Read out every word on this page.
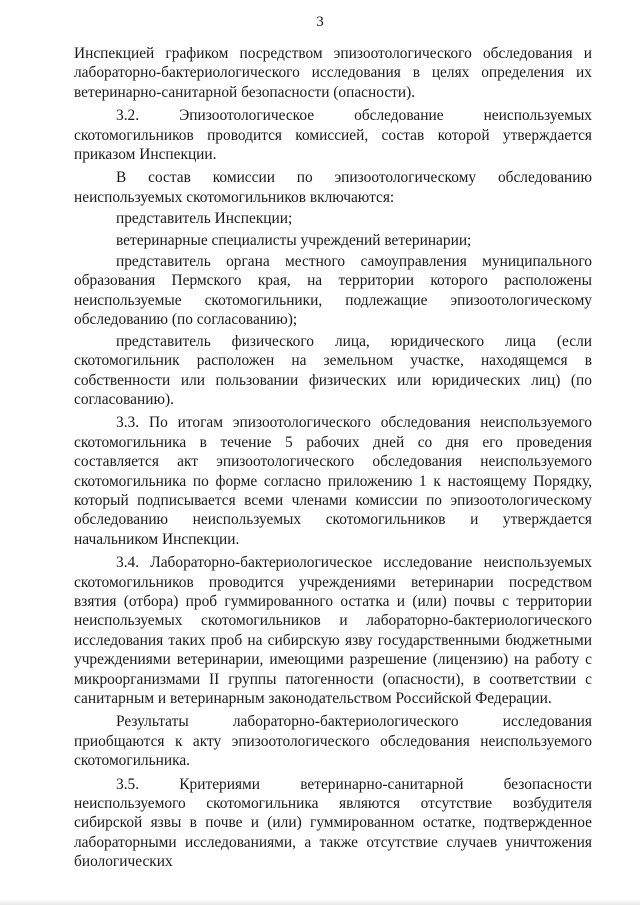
3

Инспекцией графиком посредством эпизоотологического обследования и лабораторно-бактериологического исследования в целях определения их ветеринарно-санитарной безопасности (опасности).

3.2. Эпизоотологическое обследование неиспользуемых скотомогильников проводится комиссией, состав которой утверждается приказом Инспекции.

В состав комиссии по эпизоотологическому обследованию неиспользуемых скотомогильников включаются:

представитель Инспекции;

ветеринарные специалисты учреждений ветеринарии;

представитель органа местного самоуправления муниципального образования Пермского края, на территории которого расположены неиспользуемые скотомогильники, подлежащие эпизоотологическому обследованию (по согласованию);

представитель физического лица, юридического лица (если скотомогильник расположен на земельном участке, находящемся в собственности или пользовании физических или юридических лиц) (по согласованию).

3.3. По итогам эпизоотологического обследования неиспользуемого скотомогильника в течение 5 рабочих дней со дня его проведения составляется акт эпизоотологического обследования неиспользуемого скотомогильника по форме согласно приложению 1 к настоящему Порядку, который подписывается всеми членами комиссии по эпизоотологическому обследованию неиспользуемых скотомогильников и утверждается начальником Инспекции.

3.4. Лабораторно-бактериологическое исследование неиспользуемых скотомогильников проводится учреждениями ветеринарии посредством взятия (отбора) проб гуммированного остатка и (или) почвы с территории неиспользуемых скотомогильников и лабораторно-бактериологического исследования таких проб на сибирскую язву государственными бюджетными учреждениями ветеринарии, имеющими разрешение (лицензию) на работу с микроорганизмами II группы патогенности (опасности), в соответствии с санитарным и ветеринарным законодательством Российской Федерации.

Результаты лабораторно-бактериологического исследования приобщаются к акту эпизоотологического обследования неиспользуемого скотомогильника.

3.5. Критериями ветеринарно-санитарной безопасности неиспользуемого скотомогильника являются отсутствие возбудителя сибирской язвы в почве и (или) гуммированном остатке, подтвержденное лабораторными исследованиями, а также отсутствие случаев уничтожения биологических
